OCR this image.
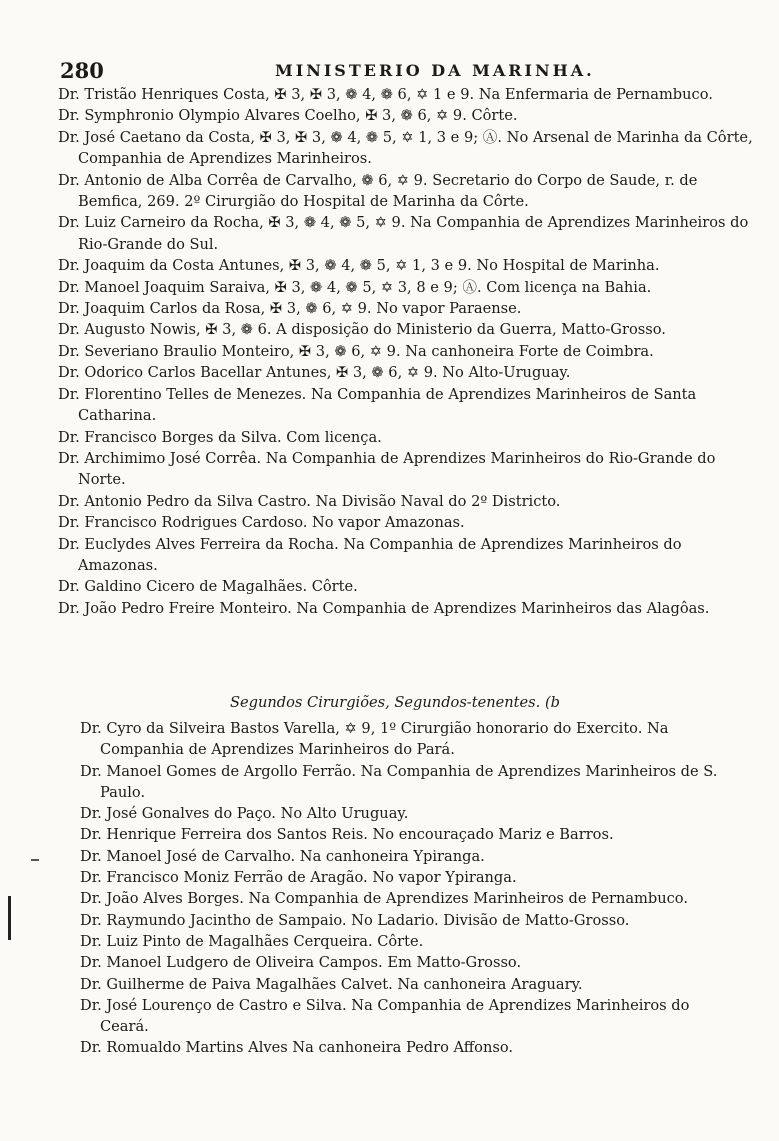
280	MINISTERIO DA MARINHA.

Dr. Tristão Henriques Costa, ✠ 3, ✠ 3, ❁ 4, ❁ 6, ✡ 1 e 9. Na Enfermaria de Pernambuco.

Dr. Symphronio Olympio Alvares Coelho, ✠ 3, ❁ 6, ✡ 9. Côrte.

Dr. José Caetano da Costa, ✠ 3, ✠ 3, ❁ 4, ❁ 5, ✡ 1, 3 e 9; Ⓐ. No Arsenal de Marinha da Côrte, Companhia de Aprendizes Marinheiros.

Dr. Antonio de Alba Corrêa de Carvalho, ❁ 6, ✡ 9. Secretario do Corpo de Saude, r. de Bemfica, 269. 2º Cirurgião do Hospital de Marinha da Côrte.

Dr. Luiz Carneiro da Rocha, ✠ 3, ❁ 4, ❁ 5, ✡ 9. Na Companhia de Aprendizes Marinheiros do Rio-Grande do Sul.

Dr. Joaquim da Costa Antunes, ✠ 3, ❁ 4, ❁ 5, ✡ 1, 3 e 9. No Hospital de Marinha.

Dr. Manoel Joaquim Saraiva, ✠ 3, ❁ 4, ❁ 5, ✡ 3, 8 e 9; Ⓐ. Com licença na Bahia.

Dr. Joaquim Carlos da Rosa, ✠ 3, ❁ 6, ✡ 9. No vapor Paraense.

Dr. Augusto Nowis, ✠ 3, ❁ 6. A disposição do Ministerio da Guerra, Matto-Grosso.

Dr. Severiano Braulio Monteiro, ✠ 3, ❁ 6, ✡ 9. Na canhoneira Forte de Coimbra.

Dr. Odorico Carlos Bacellar Antunes, ✠ 3, ❁ 6, ✡ 9. No Alto-Uruguay.

Dr. Florentino Telles de Menezes. Na Companhia de Aprendizes Marinheiros de Santa Catharina.

Dr. Francisco Borges da Silva. Com licença.

Dr. Archimimo José Corrêa. Na Companhia de Aprendizes Marinheiros do Rio-Grande do Norte.

Dr. Antonio Pedro da Silva Castro. Na Divisão Naval do 2º Districto.

Dr. Francisco Rodrigues Cardoso. No vapor Amazonas.

Dr. Euclydes Alves Ferreira da Rocha. Na Companhia de Aprendizes Marinheiros do Amazonas.

Dr. Galdino Cicero de Magalhães. Côrte.

Dr. João Pedro Freire Monteiro. Na Companhia de Aprendizes Marinheiros das Alagôas.

Segundos Cirurgiões, Segundos-tenentes. (b

Dr. Cyro da Silveira Bastos Varella, ✡ 9, 1º Cirurgião honorario do Exercito. Na Companhia de Aprendizes Marinheiros do Pará.

Dr. Manoel Gomes de Argollo Ferrão. Na Companhia de Aprendizes Marinheiros de S. Paulo.

Dr. José Gonalves do Paço. No Alto Uruguay.

Dr. Henrique Ferreira dos Santos Reis. No encouraçado Mariz e Barros.

Dr. Manoel José de Carvalho. Na canhoneira Ypiranga.

Dr. Francisco Moniz Ferrão de Aragão. No vapor Ypiranga.

Dr. João Alves Borges. Na Companhia de Aprendizes Marinheiros de Pernambuco.

Dr. Raymundo Jacintho de Sampaio. No Ladario. Divisão de Matto-Grosso.

Dr. Luiz Pinto de Magalhães Cerqueira. Côrte.

Dr. Manoel Ludgero de Oliveira Campos. Em Matto-Grosso.

Dr. Guilherme de Paiva Magalhães Calvet. Na canhoneira Araguary.

Dr. José Lourenço de Castro e Silva. Na Companhia de Aprendizes Marinheiros do Ceará.

Dr. Romualdo Martins Alves Na canhoneira Pedro Affonso.
